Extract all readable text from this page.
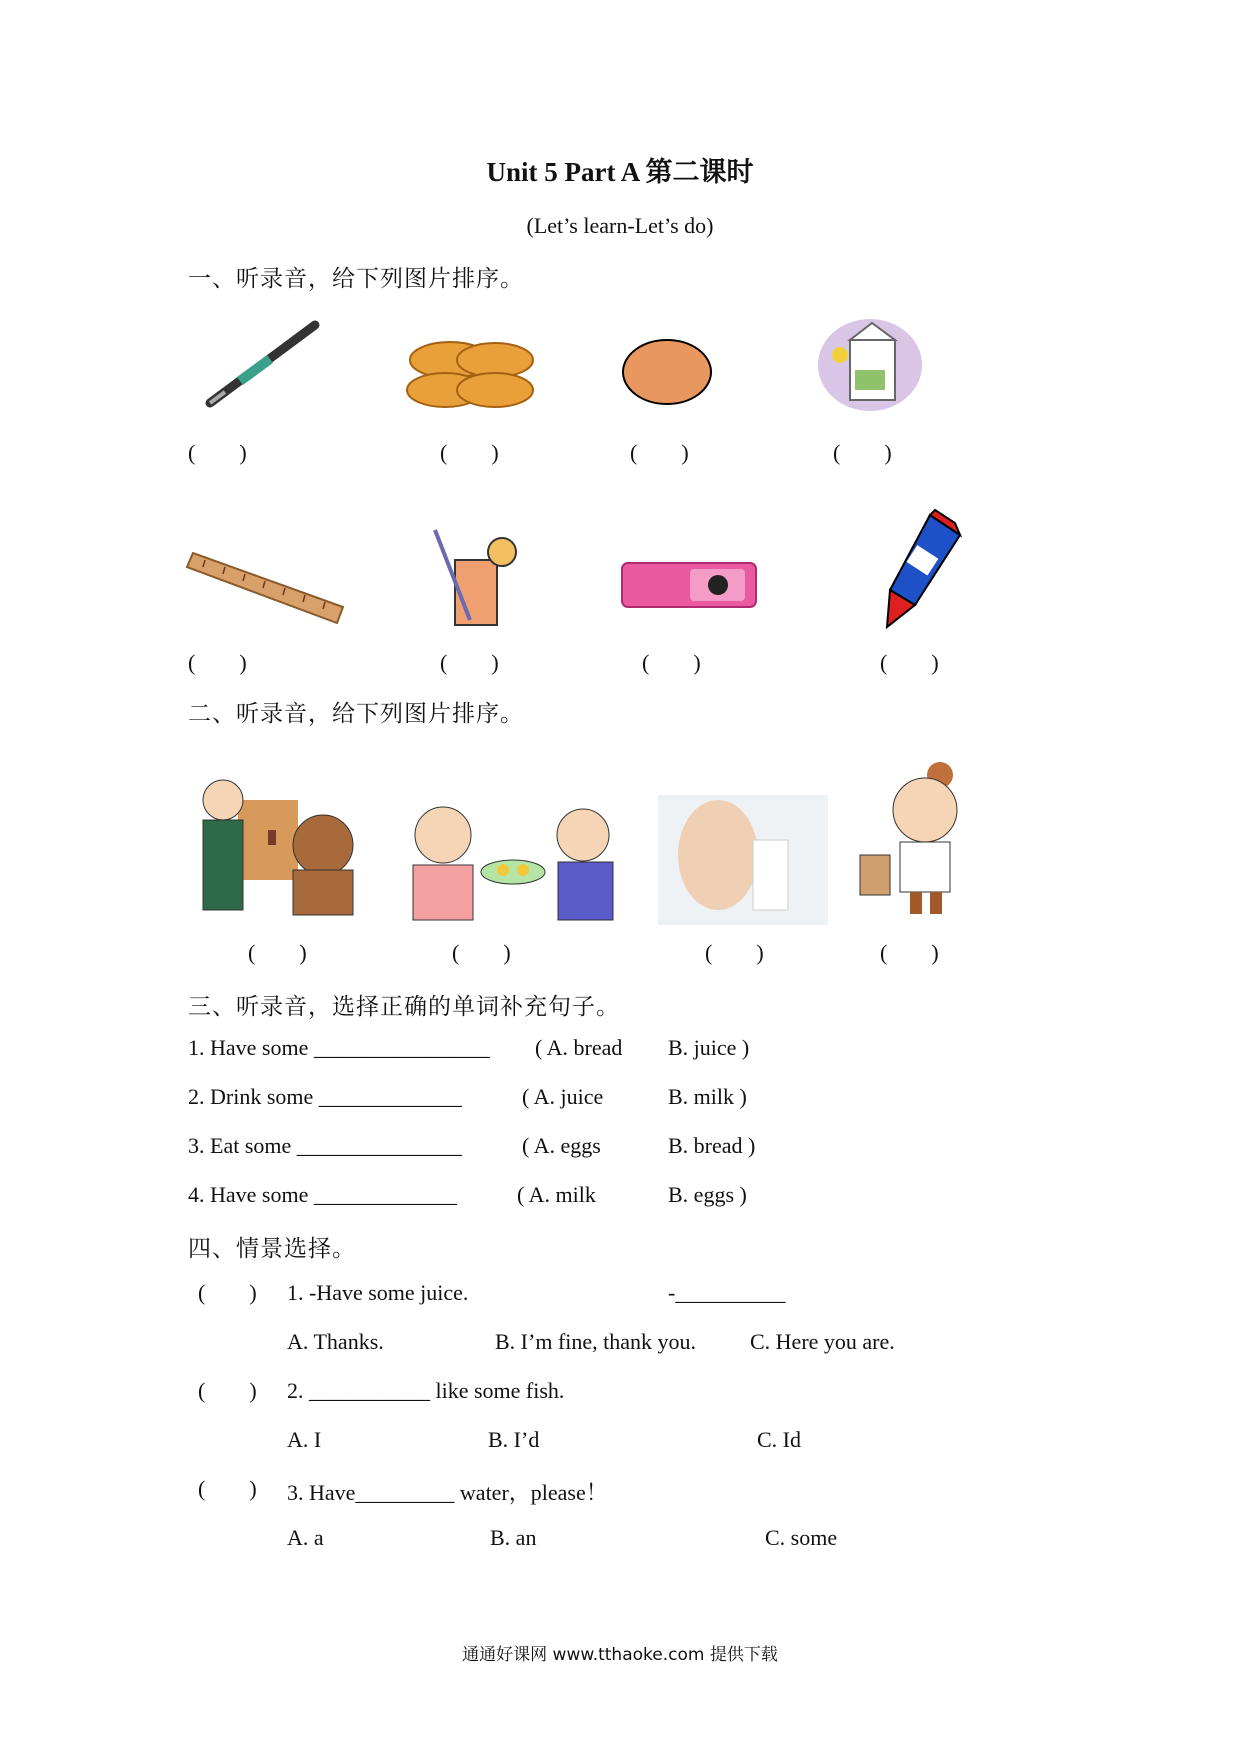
Unit 5 Part A 第二课时
(Let’s learn-Let’s do)
一、听录音，给下列图片排序。
(        )	(        )	(        )	(        )
(        )	(        )	(        )	(        )
二、听录音，给下列图片排序。
(        )	(        )	(        )	(        )
三、听录音，选择正确的单词补充句子。
1. Have some ________________ ( A. bread B. juice )
2. Drink some _____________	( A. juice	B. milk )
3. Eat some _______________	( A. eggs	B. bread )
4. Have some _____________	( A. milk	B. eggs )
四、情景选择。
(        ) 1. -Have some juice.	-__________
A. Thanks.	B. I’m fine, thank you. C. Here you are.
(        ) 2. ___________ like some fish.
A. I	B. I’d	C. Id
(        ) 3. Have_________ water，please！
A. a	B. an	C. some
通通好课网 www.tthaoke.com 提供下载
